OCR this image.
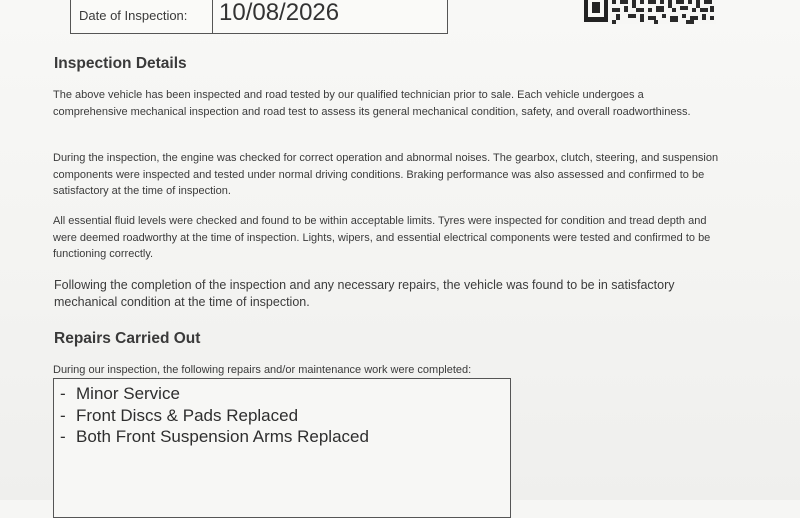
Date of Inspection:	10/08/2026
Inspection Details

The above vehicle has been inspected and road tested by our qualified technician prior to sale. Each vehicle undergoes a comprehensive mechanical inspection and road test to assess its general mechanical condition, safety, and overall roadworthiness.

During the inspection, the engine was checked for correct operation and abnormal noises. The gearbox, clutch, steering, and suspension components were inspected and tested under normal driving conditions. Braking performance was also assessed and confirmed to be satisfactory at the time of inspection.

All essential fluid levels were checked and found to be within acceptable limits. Tyres were inspected for condition and tread depth and were deemed roadworthy at the time of inspection. Lights, wipers, and essential electrical components were tested and confirmed to be functioning correctly.

Following the completion of the inspection and any necessary repairs, the vehicle was found to be in satisfactory mechanical condition at the time of inspection.

Repairs Carried Out

During our inspection, the following repairs and/or maintenance work were completed:

- Minor Service
- Front Discs & Pads Replaced
- Both Front Suspension Arms Replaced
